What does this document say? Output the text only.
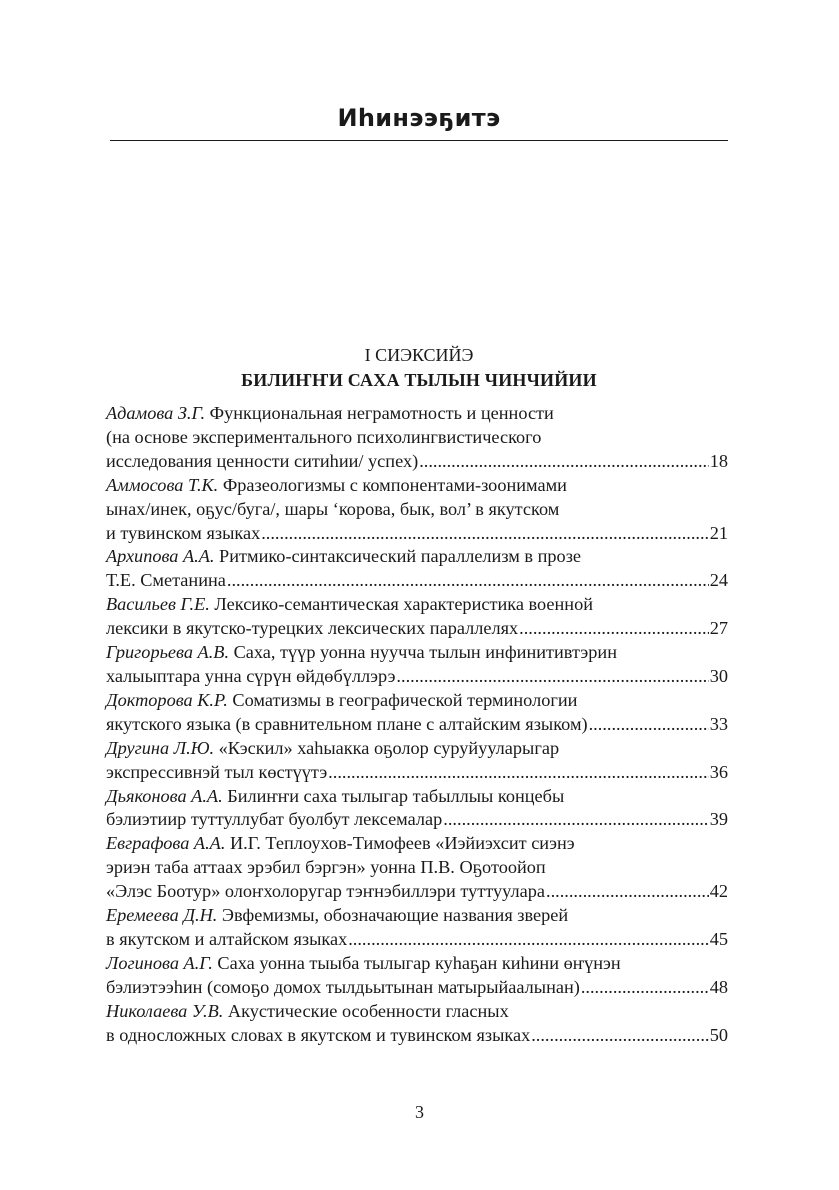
Иһинээҕитэ
I СИЭКСИЙЭ
БИЛИҤҤИ САХА ТЫЛЫН ЧИНЧИЙИИ
Адамова З.Г. Функциональная неграмотность и ценности
(на основе экспериментального психолингвистического
исследования ценности ситиһии/ успех) .....	18
Аммосова Т.К. Фразеологизмы с компонентами-зоонимами
ынах/инек, оҕус/буга/, шары ‘корова, бык, вол’ в якутском
и тувинском языках .....	21
Архипова А.А. Ритмико-синтаксический параллелизм в прозе
Т.Е. Сметанина .....	24
Васильев Г.Е. Лексико-семантическая характеристика военной
лексики в якутско-турецких лексических параллелях .....	27
Григорьева А.В. Саха, түүр уонна нуучча тылын инфинитивтэрин
халыыптара унна сүрүн өйдөбүллэрэ .....	30
Докторова К.Р. Соматизмы в географической терминологии
якутского языка (в сравнительном плане с алтайским языком) .....	33
Другина Л.Ю. «Кэскил» хаһыакка оҕолор суруйууларыгар
экспрессивнэй тыл көстүүтэ .....	36
Дьяконова А.А. Билиҥҥи саха тылыгар табыллыы концебы
бэлиэтиир туттуллубат буолбут лексемалар .....	39
Евграфова А.А. И.Г. Теплоухов-Тимофеев «Иэйиэхсит сиэнэ
эриэн таба аттаах эрэбил бэргэн» уонна П.В. Оҕотоойоп
«Элэс Боотур» олоҥхолоругар тэҥнэбиллэри туттуулара .....	42
Еремеева Д.Н. Эвфемизмы, обозначающие названия зверей
в якутском и алтайском языках .....	45
Логинова А.Г. Саха уонна тыыба тылыгар куһаҕан киһини өҥүнэн
бэлиэтээһин (сомоҕо домох тылдьытынан матырыйаалынан) .....	48
Николаева У.В. Акустические особенности гласных
в односложных словах в якутском и тувинском языках .....	50
3
